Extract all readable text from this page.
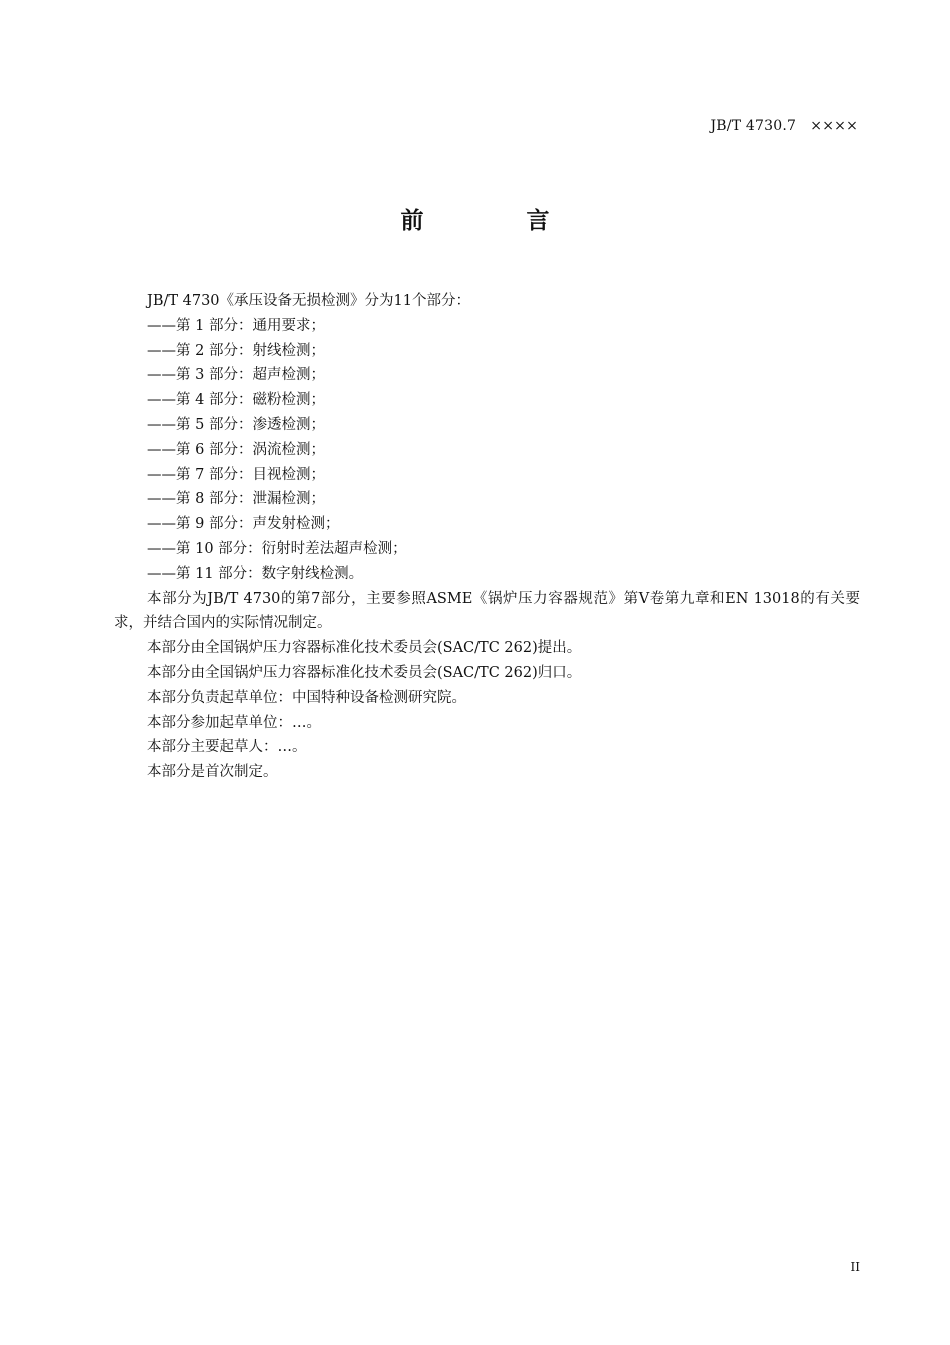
JB/T 4730.7　××××
前　言

JB/T 4730《承压设备无损检测》分为11个部分：

——第 1 部分：通用要求；

——第 2 部分：射线检测；

——第 3 部分：超声检测；

——第 4 部分：磁粉检测；

——第 5 部分：渗透检测；

——第 6 部分：涡流检测；

——第 7 部分：目视检测；

——第 8 部分：泄漏检测；

——第 9 部分：声发射检测；

——第 10 部分：衍射时差法超声检测；

——第 11 部分：数字射线检测。

本部分为JB/T 4730的第7部分，主要参照ASME《锅炉压力容器规范》第Ⅴ卷第九章和EN 13018的有关要求，并结合国内的实际情况制定。

本部分由全国锅炉压力容器标准化技术委员会(SAC/TC 262)提出。

本部分由全国锅炉压力容器标准化技术委员会(SAC/TC 262)归口。

本部分负责起草单位：中国特种设备检测研究院。

本部分参加起草单位：…。

本部分主要起草人：…。

本部分是首次制定。

II
